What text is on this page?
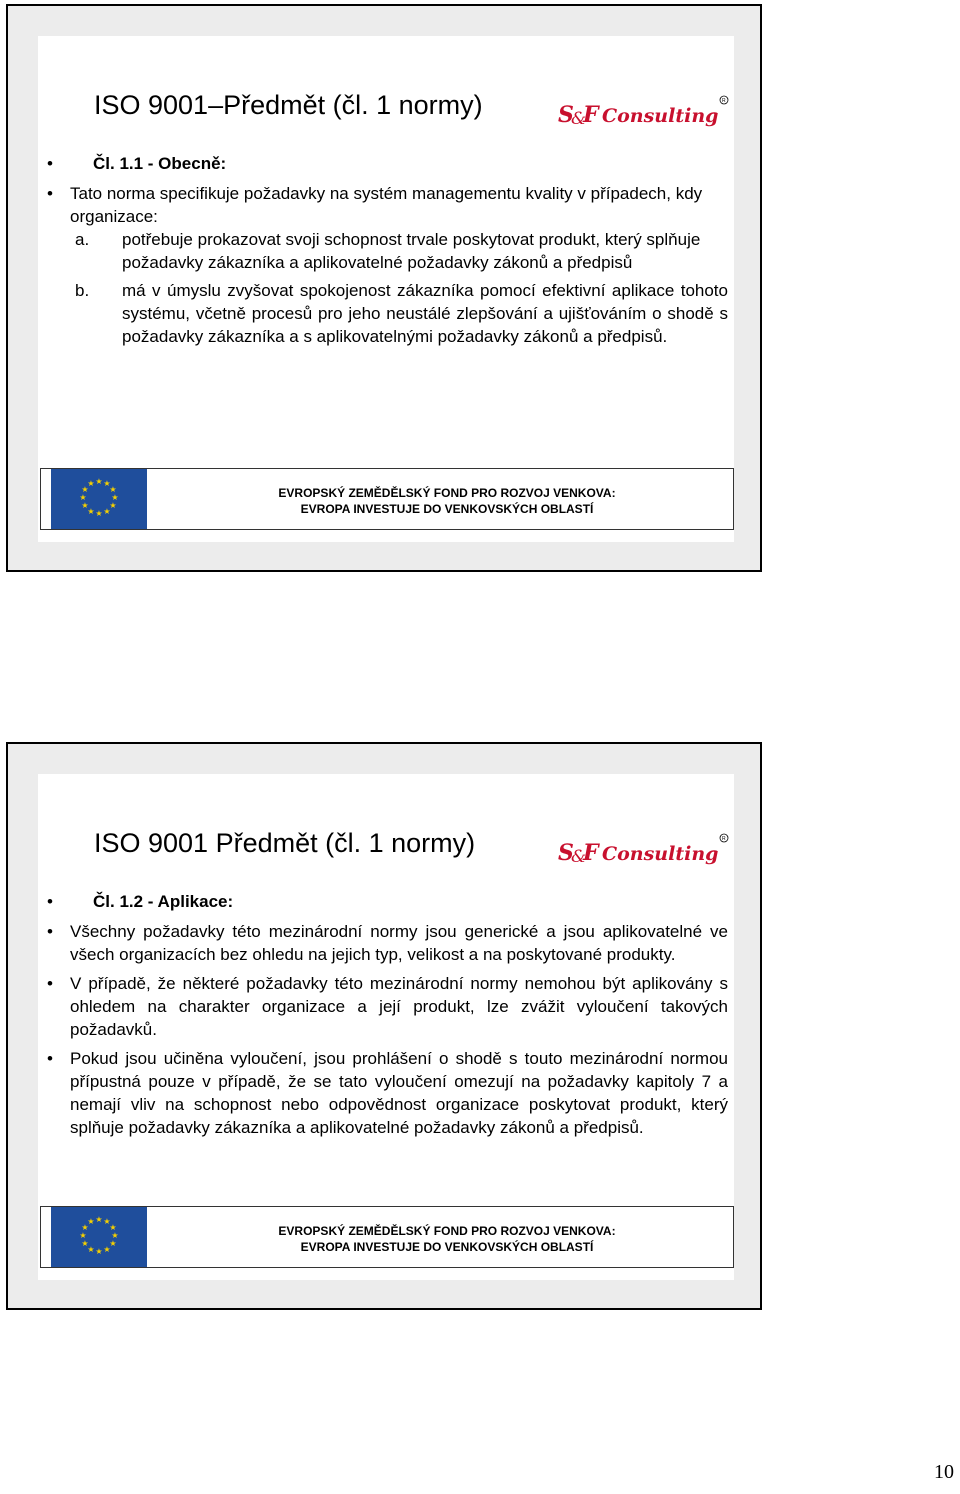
ISO 9001–Předmět (čl. 1 normy)	S
&
F Consulting
R
•	Čl. 1.1 - Obecně:
•	Tato norma specifikuje požadavky na systém managementu kvality v případech, kdy organizace:
a. potřebuje prokazovat svoji schopnost trvale poskytovat produkt, který splňuje požadavky zákazníka a aplikovatelné požadavky zákonů a předpisů
b. má v úmyslu zvyšovat spokojenost zákazníka pomocí efektivní aplikace tohoto systému, včetně procesů pro jeho neustálé zlepšování a ujišťováním o shodě s požadavky zákazníka a s aplikovatelnými požadavky zákonů a předpisů.
★ ★
★
★
★
★
★
★
★
★
★
★
EVROPSKÝ ZEMĚDĚLSKÝ FOND PRO ROZVOJ VENKOVA:
EVROPA INVESTUJE DO VENKOVSKÝCH OBLASTÍ
ISO 9001 Předmět (čl. 1 normy)	S
&
F Consulting
R
•	Čl. 1.2 - Aplikace:
•	Všechny požadavky této mezinárodní normy jsou generické a jsou aplikovatelné ve všech organizacích bez ohledu na jejich typ, velikost a na poskytované produkty.
•	V případě, že některé požadavky této mezinárodní normy nemohou být aplikovány s ohledem na charakter organizace a její produkt, lze zvážit vyloučení takových požadavků.
•	Pokud jsou učiněna vyloučení, jsou prohlášení o shodě s touto mezinárodní normou přípustná pouze v případě, že se tato vyloučení omezují na požadavky kapitoly 7 a nemají vliv na schopnost nebo odpovědnost organizace poskytovat produkt, který splňuje požadavky zákazníka a aplikovatelné požadavky zákonů a předpisů.
★ ★
★
★
★
★
★
★
★
★
★
★
EVROPSKÝ ZEMĚDĚLSKÝ FOND PRO ROZVOJ VENKOVA:
EVROPA INVESTUJE DO VENKOVSKÝCH OBLASTÍ
10
